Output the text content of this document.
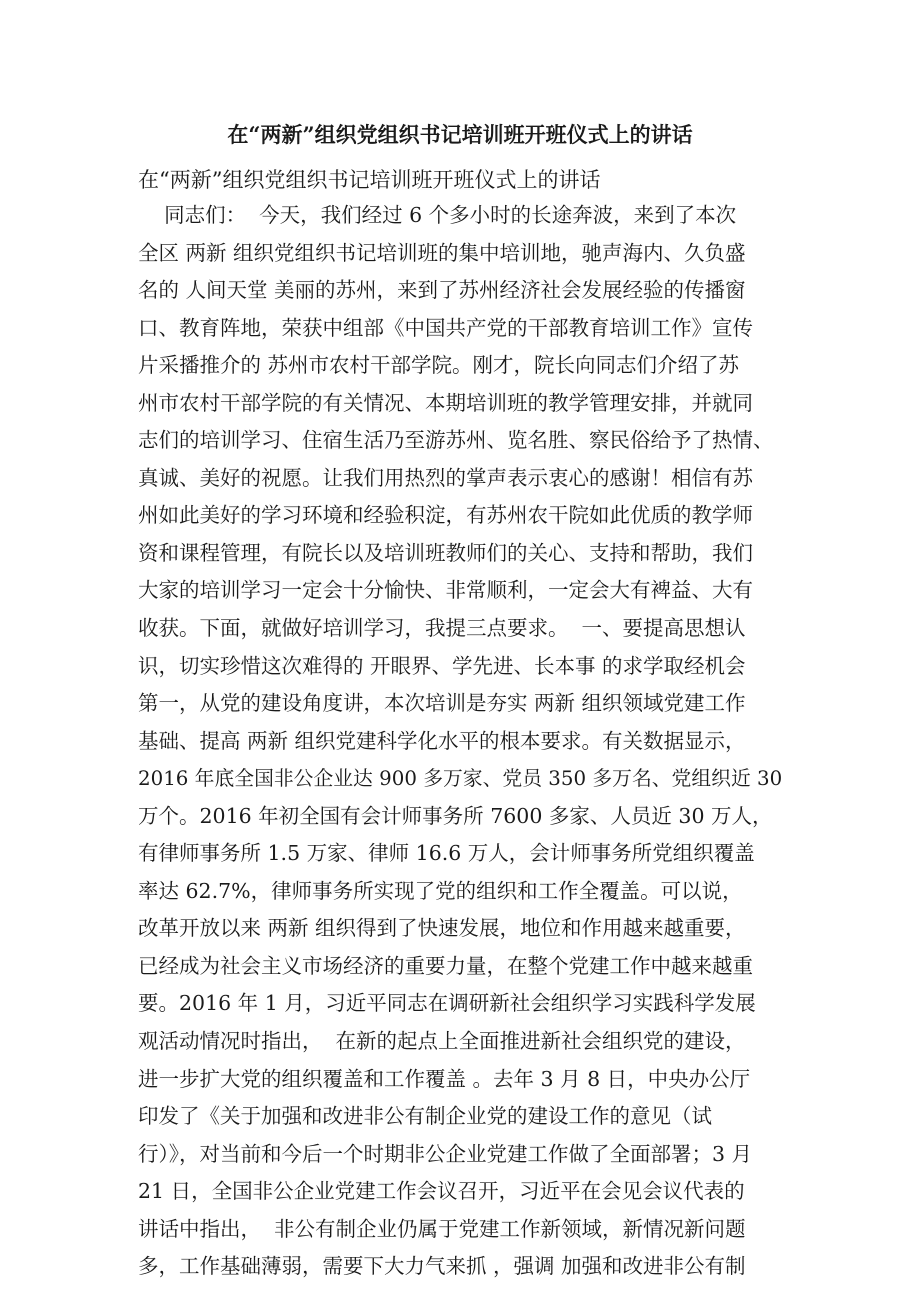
在“两新”组织党组织书记培训班开班仪式上的讲话

在“两新”组织党组织书记培训班开班仪式上的讲话

同志们：  今天，我们经过 6 个多小时的长途奔波，来到了本次
全区 两新 组织党组织书记培训班的集中培训地，驰声海内、久负盛
名的 人间天堂 美丽的苏州，来到了苏州经济社会发展经验的传播窗
口、教育阵地，荣获中组部《中国共产党的干部教育培训工作》宣传
片采播推介的 苏州市农村干部学院。刚才，院长向同志们介绍了苏
州市农村干部学院的有关情况、本期培训班的教学管理安排，并就同
志们的培训学习、住宿生活乃至游苏州、览名胜、察民俗给予了热情、
真诚、美好的祝愿。让我们用热烈的掌声表示衷心的感谢！相信有苏
州如此美好的学习环境和经验积淀，有苏州农干院如此优质的教学师
资和课程管理，有院长以及培训班教师们的关心、支持和帮助，我们
大家的培训学习一定会十分愉快、非常顺利，一定会大有裨益、大有
收获。下面，就做好培训学习，我提三点要求。  一、要提高思想认
识，切实珍惜这次难得的 开眼界、学先进、长本事 的求学取经机会
第一，从党的建设角度讲，本次培训是夯实 两新 组织领域党建工作
基础、提高 两新 组织党建科学化水平的根本要求。有关数据显示，
2016 年底全国非公企业达 900 多万家、党员 350 多万名、党组织近 30
万个。2016 年初全国有会计师事务所 7600 多家、人员近 30 万人，
有律师事务所 1.5 万家、律师 16.6 万人，会计师事务所党组织覆盖
率达 62.7%，律师事务所实现了党的组织和工作全覆盖。可以说，
改革开放以来 两新 组织得到了快速发展，地位和作用越来越重要，
已经成为社会主义市场经济的重要力量，在整个党建工作中越来越重
要。2016 年 1 月，习近平同志在调研新社会组织学习实践科学发展
观活动情况时指出，  在新的起点上全面推进新社会组织党的建设，
进一步扩大党的组织覆盖和工作覆盖 。去年 3 月 8 日，中央办公厅
印发了《关于加强和改进非公有制企业党的建设工作的意见（试
行）》，对当前和今后一个时期非公企业党建工作做了全面部署；3 月
21 日，全国非公企业党建工作会议召开，习近平在会见会议代表的
讲话中指出，  非公有制企业仍属于党建工作新领域，新情况新问题
多，工作基础薄弱，需要下大力气来抓 ，强调 加强和改进非公有制
